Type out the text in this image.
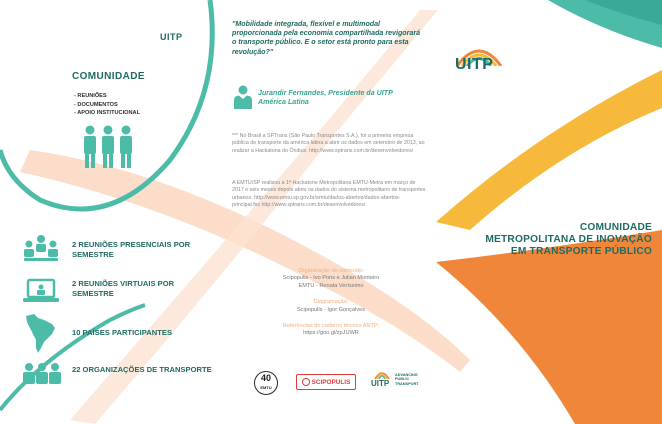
UITP
COMUNIDADE
- REUNIÕES
- DOCUMENTOS
- APOIO INSTITUCIONAL
2 REUNIÕES PRESENCIAIS POR SEMESTRE
2 REUNIÕES VIRTUAIS POR SEMESTRE
10 PAÍSES PARTICIPANTES
22 ORGANIZAÇÕES DE TRANSPORTE
"Mobilidade integrada, flexível e multimodal proporcionada pela economia compartilhada revigorará o transporte público. E o setor está pronto para esta revolução?"
Jurandir Fernandes, Presidente da UITP América Latina
*** No Brasil a SPTrans (São Paulo Transportes S.A.), foi a primeira empresa pública de transporte da américa latina a abrir os dados em setembro de 2013, ao realizar a Hackatona do Ônibus. http://www.sptrans.com.br/desenvolvedores/
A EMTU/SP realizou a 1ª Hackatone Metropolitana EMTU-Metra em março de 2017 e seis meses depois abriu os dados do sistema metropolitano de transportes urbanos. http://www.emtu.sp.gov.br/emtu/dados-abertos/dados-abertos-principal.fss http://www.sptrans.com.br/desenvolvedores/
Organização do conteúdo:
Scipopulis - Ivo Pons e Julian Monteiro
EMTU - Renata Veríssimo
Diagramação:
Scipopulis - Igor Gonçalves
Referências do caderno técnico ANTP:
https://goo.gl/zpJUWR
40
EMTU
SCIPOPULIS	UITP
ADVANCING PUBLIC TRANSPORT
UITP
COMUNIDADE
METROPOLITANA DE INOVAÇÃO
EM TRANSPORTE PÚBLICO
